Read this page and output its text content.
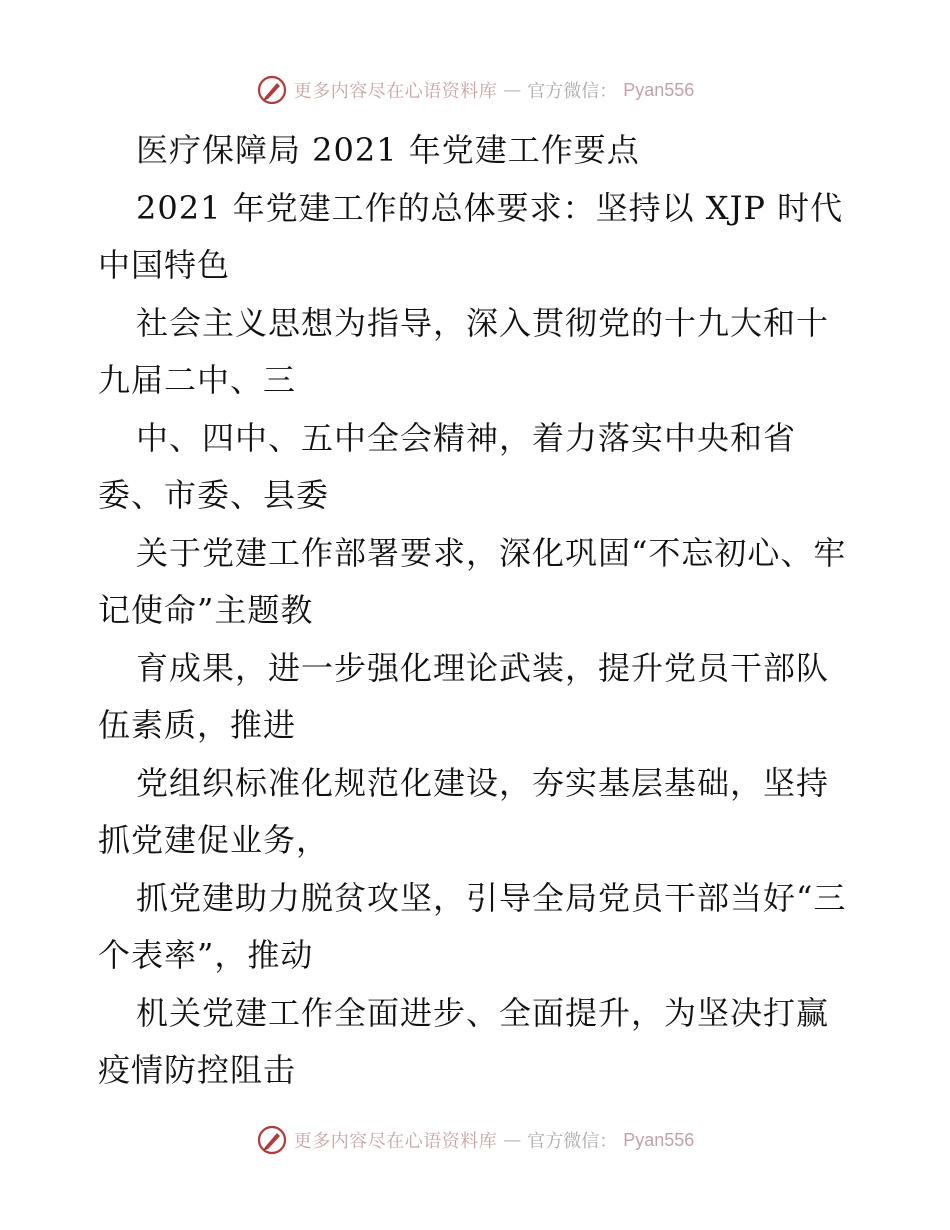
更多内容尽在心语资料库 — 官方微信： Pyan556

医疗保障局 2021 年党建工作要点

2021 年党建工作的总体要求：坚持以 XJP 时代中国特色

社会主义思想为指导，深入贯彻党的十九大和十九届二中、三

中、四中、五中全会精神，着力落实中央和省委、市委、县委

关于党建工作部署要求，深化巩固“不忘初心、牢记使命”主题教

育成果，进一步强化理论武装，提升党员干部队伍素质，推进

党组织标准化规范化建设，夯实基层基础，坚持抓党建促业务，

抓党建助力脱贫攻坚，引导全局党员干部当好“三个表率”，推动

机关党建工作全面进步、全面提升，为坚决打赢疫情防控阻击

更多内容尽在心语资料库 — 官方微信： Pyan556
